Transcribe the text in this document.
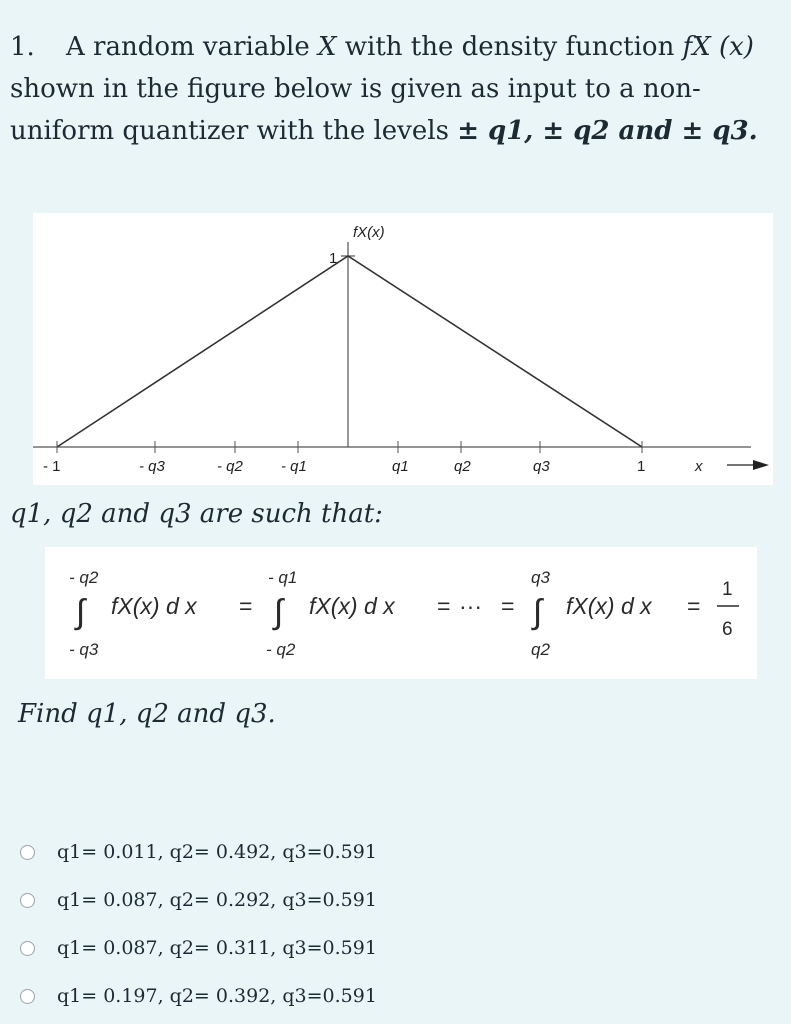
1. A random variable X with the density function fX (x)
shown in the figure below is given as input to a non-uniform quantizer with the levels ± q1, ± q2 and ± q3.
fX(x)
1
x
- 1	- q3	- q2	- q1	q1	q2	q3	1
q1, q2 and q3 are such that:
- q2
∫
- q3
fX(x) d x =
- q1
∫
- q2
fX(x) d x = ··· =
q3
∫
q2
fX(x) d x =
1
6
Find q1, q2 and q3.
q1= 0.011, q2= 0.492, q3=0.591
q1= 0.087, q2= 0.292, q3=0.591
q1= 0.087, q2= 0.311, q3=0.591
q1= 0.197, q2= 0.392, q3=0.591
